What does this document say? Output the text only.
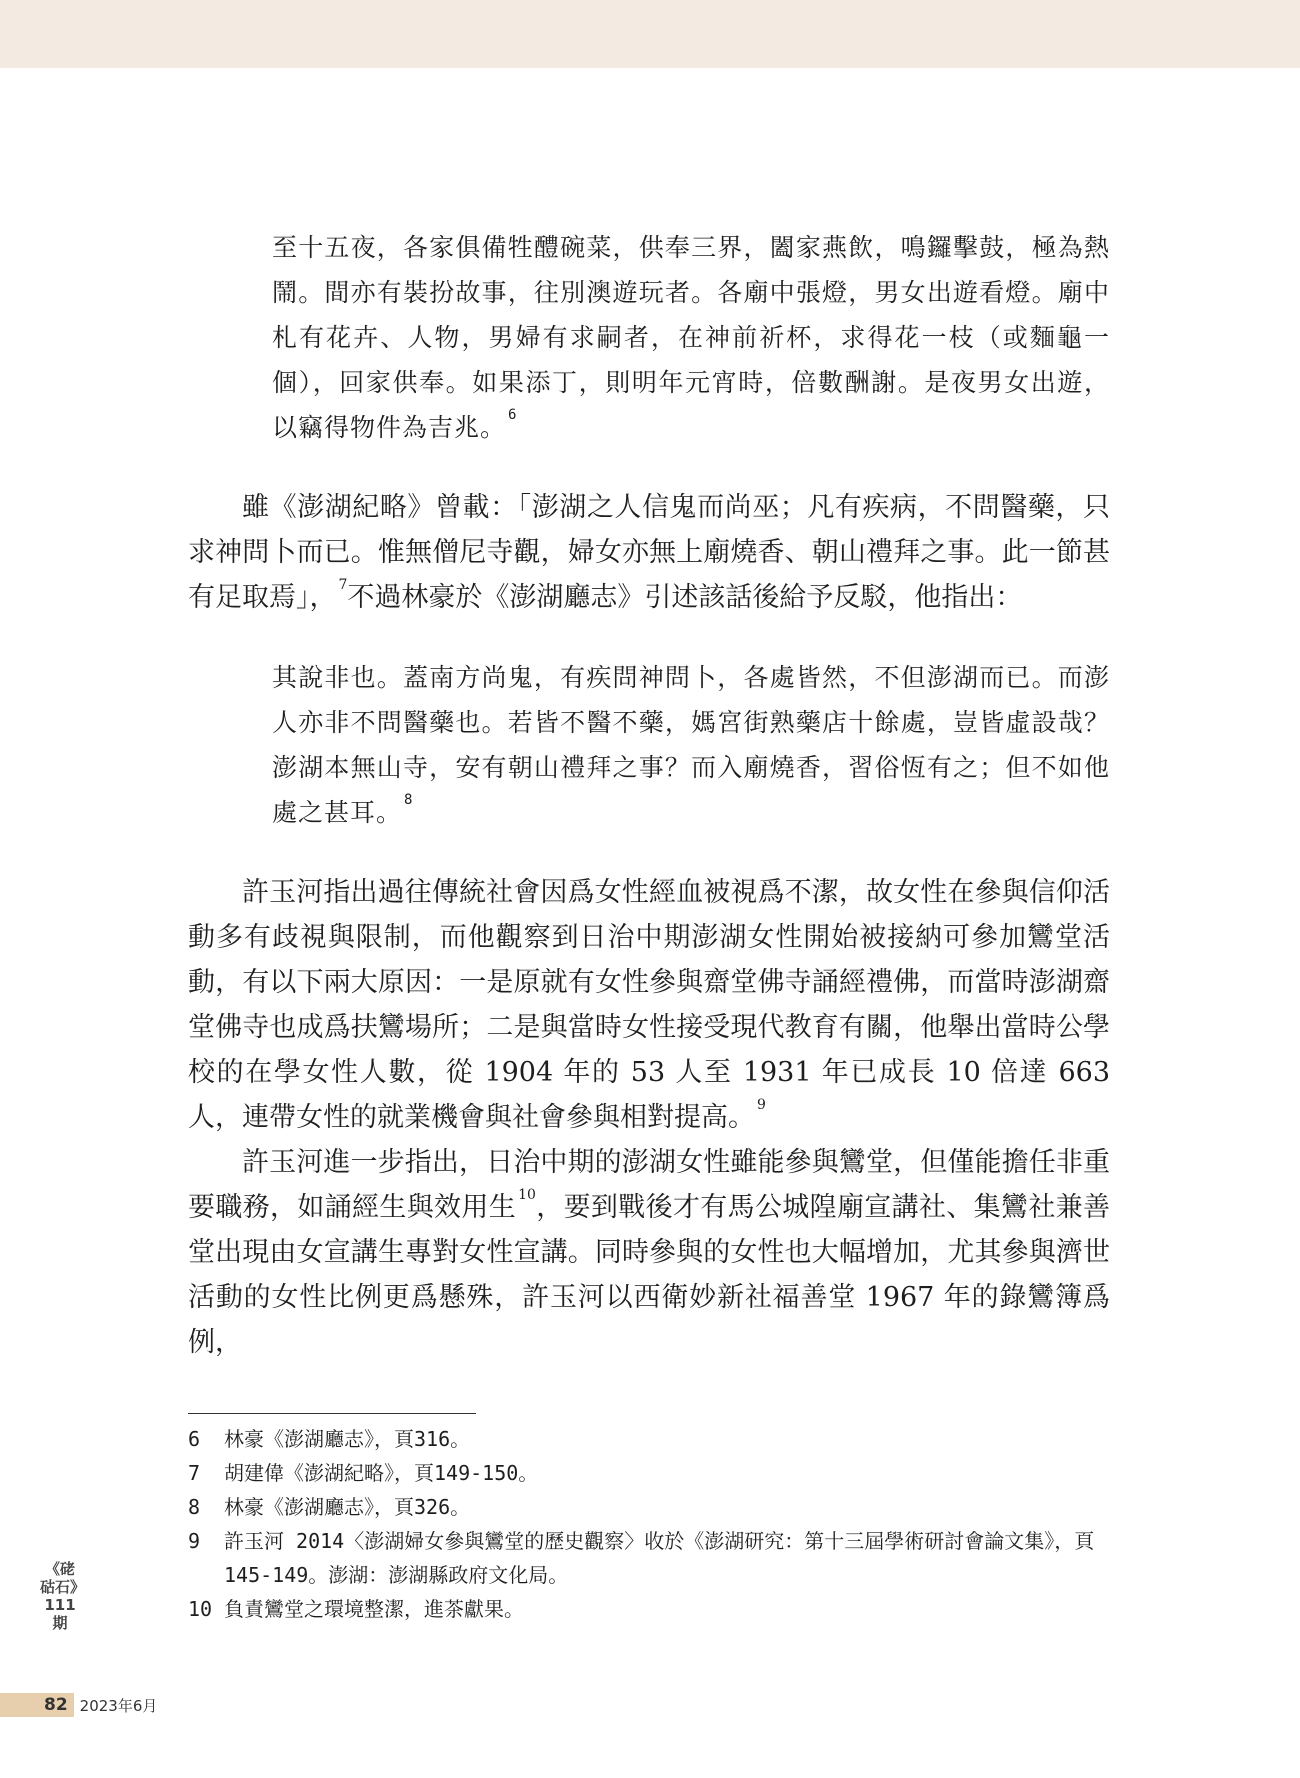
至十五夜，各家俱備牲醴碗菜，供奉三界，闔家燕飲，鳴鑼擊鼓，極為熱鬧。間亦有裝扮故事，往別澳遊玩者。各廟中張燈，男女出遊看燈。廟中札有花卉、人物，男婦有求嗣者，在神前祈杯，求得花一枝（或麵龜一個），回家供奉。如果添丁，則明年元宵時，倍數酬謝。是夜男女出遊，以竊得物件為吉兆。 $^6$

雖《澎湖紀略》曾載：「澎湖之人信鬼而尚巫；凡有疾病，不問醫藥，只求神問卜而已。惟無僧尼寺觀，婦女亦無上廟燒香、朝山禮拜之事。此一節甚有足取焉」， $^7$不過林豪於《澎湖廳志》引述該話後給予反駁，他指出：

其說非也。蓋南方尚鬼，有疾問神問卜，各處皆然，不但澎湖而已。而澎人亦非不問醫藥也。若皆不醫不藥，媽宮街熟藥店十餘處，豈皆虛設哉？澎湖本無山寺，安有朝山禮拜之事？而入廟燒香，習俗恆有之；但不如他處之甚耳。 $^8$

許玉河指出過往傳統社會因爲女性經血被視爲不潔，故女性在參與信仰活動多有歧視與限制，而他觀察到日治中期澎湖女性開始被接納可參加鸞堂活動，有以下兩大原因：一是原就有女性參與齋堂佛寺誦經禮佛，而當時澎湖齋堂佛寺也成爲扶鸞場所；二是與當時女性接受現代教育有關，他舉出當時公學校的在學女性人數，從 1904 年的 53 人至 1931 年已成長 10 倍達 663 人，連帶女性的就業機會與社會參與相對提高。 $^9$

許玉河進一步指出，日治中期的澎湖女性雖能參與鸞堂，但僅能擔任非重要職務，如誦經生與效用生 $^{10}$，要到戰後才有馬公城隍廟宣講社、集鸞社兼善堂出現由女宣講生專對女性宣講。同時參與的女性也大幅增加，尤其參與濟世活動的女性比例更爲懸殊，許玉河以西衛妙新社福善堂 1967 年的錄鸞簿爲例，

6	林豪《澎湖廳志》，頁316。
7	胡建偉《澎湖紀略》，頁149-150。
8	林豪《澎湖廳志》，頁326。
9	許玉河 2014〈澎湖婦女參與鸞堂的歷史觀察〉收於《澎湖研究：第十三屆學術研討會論文集》，頁145-149。澎湖：澎湖縣政府文化局。
10 負責鸞堂之環境整潔，進茶獻果。
《硓𥑮石》
111期
82 2023年6月
